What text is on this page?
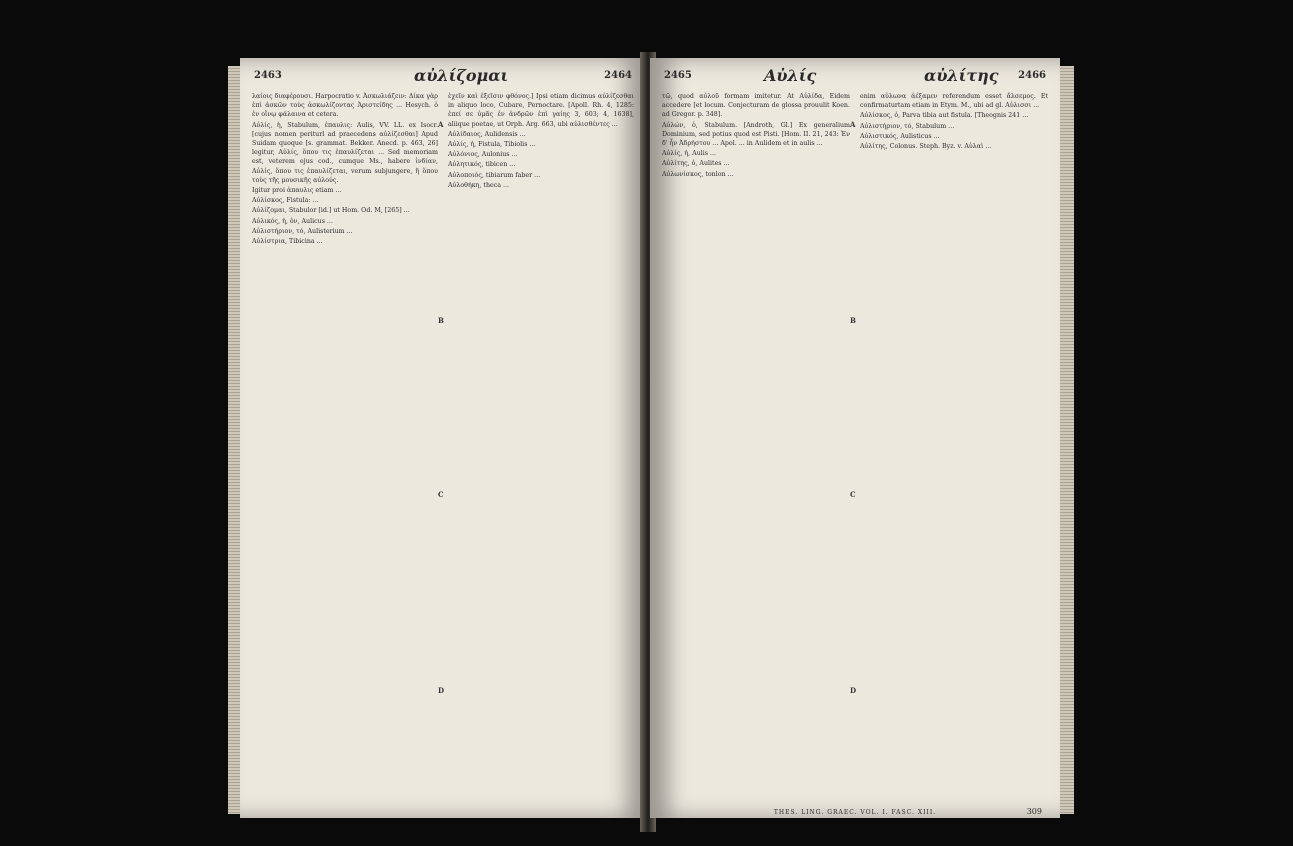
2463	αὐλίζομαι	2464

λαίοις διαφέρουσι. Harpocratio v. Ἀσκωλιάζειν: Δίκα γὰρ ἐπὶ ἀσκῶν τοὺς ἀσκωλίζοντας Ἀριστείδης ... Hesych. ὁ ἐν οἴνῳ φάλαινα et cetera.

Αὐλίς, ἡ, Stabulum, ἐπαυλις: Aulis, VV. LL. ex Isocr. [cujus nomen periturl ad praecedens αὐλίζεσθαι] Apud Suidam quoque [s. grammat. Bekker. Anecd. p. 463, 26] legitur, Αὐλίς, ὅπου τις ἐπαυλίζεται ... Sed memoriam est, veterem ejus cod., cumque Ms., habere ἰνδίαν, Αὐλίς, ὅπου τις ἐπαυλίζεται, verum subjungere, ἢ ὅπου τοὺς τῆς μουσικῆς αὐλούς.

Igitur proi ἀπαυλις etiam ...

Αὐλίσκος, Fistula: ...

Αὐλίζομαι, Stabulor [id.] ut Hom. Od. M, [265] ...

Αὐλικός, ἡ, ὁν, Aulicus ...

Αὐλιστήριον, τό, Aulisterium ...

Αὐλίστρια, Tibicina ...

ἐχεῖν καὶ ἐξεῖσιν φθόνος.] Ipsi etiam dicimus αὐλίζεσθαι in aliquo loco, Cubare, Pernoctare. [Apoll. Rh. 4, 1285: ἐπεί σε ὑμᾶς ἐν ἀνδρῶν ἐπὶ γαίης 3, 603; 4, 1638], aliique poetae, ut Orph. Arg. 663, ubi αὐλισθέντες ...

Αὐλίδαιος, Aulidensis ...

Αὐλίς, ἡ, Fistula, Tibiolis ...

Αὐλόνιος, Aulonius ...

Αὐλητικός, tibicen ...

Αὐλοποιός, tibiarum faber ...

Αὐλοθήκη, theca ...

A
B
C
D
2465	Αὐλίς	αὐλίτης 2466

τῷ, quod αὐλοῦ formam imitetur. At Αὐλίδα, Eidem accedere [et locum. Conjecturam de glossa prouulit Koen. ad Gregor. p. 348].

Αὐλών, ὁ, Stabulum. [Androth, Gl.] Ex generalium Dominium, sed potius quod est Pisti. [Hom. II. 21, 243: Ἐν δ' ἦν Ἀδρήστου ... Apol. ... in Aulidem et in aulis ...

Αὐλίς, ἡ, Aulis ...

Αὐλίτης, ὁ, Aulites ...

Αὐλωνίσκος, tonlon ...

enim αὐλωνα ἀέξαμεν referendum esset ἄλσεμος. Et confirmaturtam etiam in Etym. M., ubi ad gl. Αὐλισσι ...

Αὐλίσκος, ὁ, Parva tibia aut fistula. [Theognis 241 ...

Αὐλιστήριον, τό, Stabulum ...

Αὐλιστικός, Aulisticus ...

Αὐλίτης, Colonus. Steph. Byz. v. Αὐλαὶ ...

A
B
C
D
THES. LING. GRAEC. VOL. I. FASC. XIII.	309
